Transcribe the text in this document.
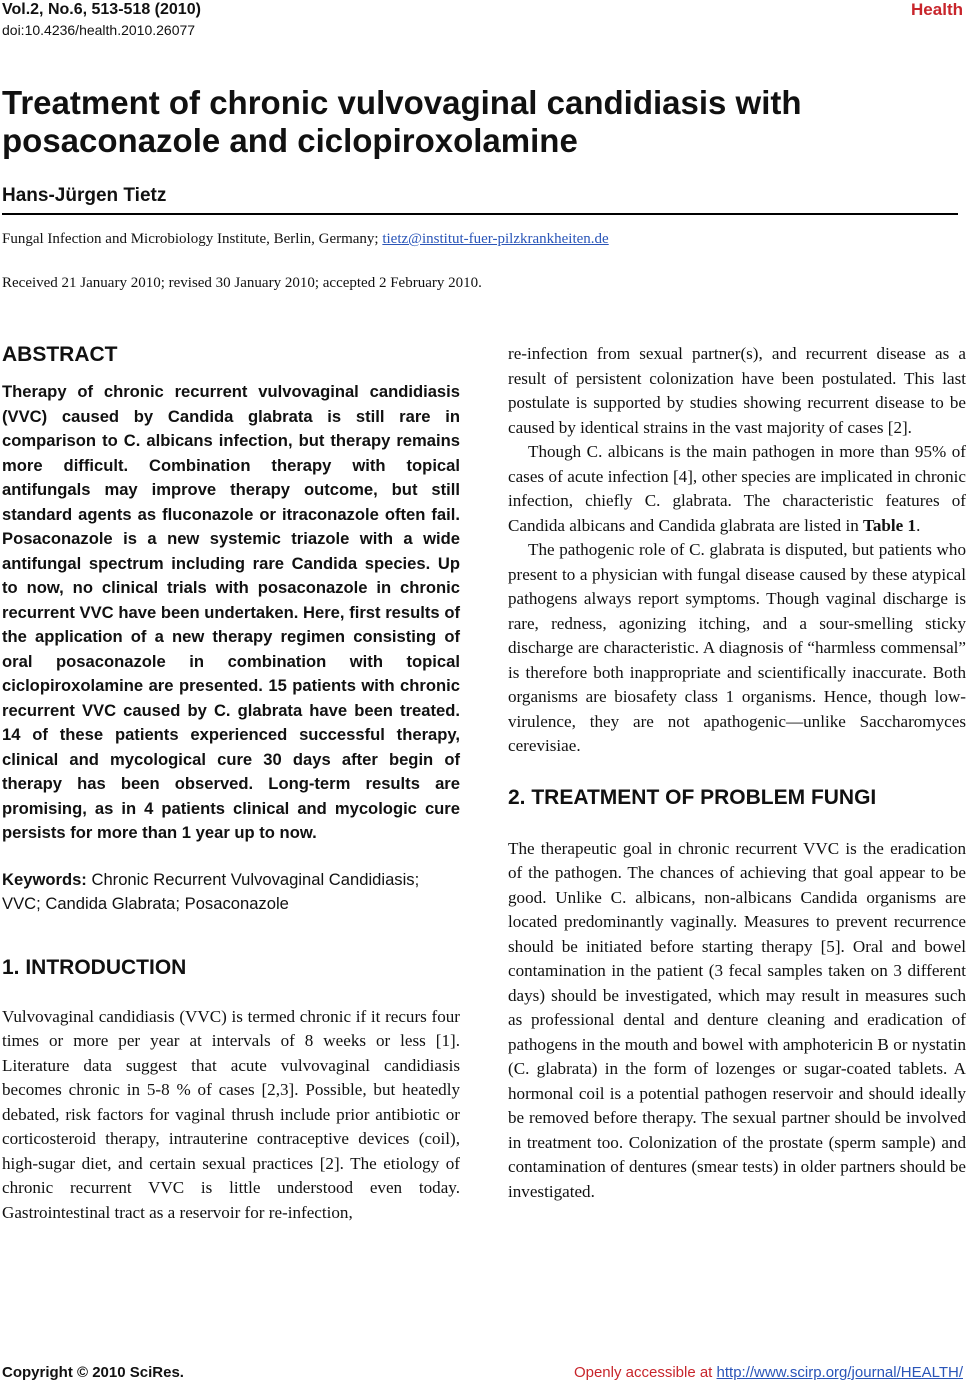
Vol.2, No.6, 513-518 (2010)
doi:10.4236/health.2010.26077
Health
Treatment of chronic vulvovaginal candidiasis with posaconazole and ciclopiroxolamine
Hans-Jürgen Tietz
Fungal Infection and Microbiology Institute, Berlin, Germany; tietz@institut-fuer-pilzkrankheiten.de
Received 21 January 2010; revised 30 January 2010; accepted 2 February 2010.
ABSTRACT

Therapy of chronic recurrent vulvovaginal candidiasis (VVC) caused by Candida glabrata is still rare in comparison to C. albicans infection, but therapy remains more difficult. Combination therapy with topical antifungals may improve therapy outcome, but still standard agents as fluconazole or itraconazole often fail. Posaconazole is a new systemic triazole with a wide antifungal spectrum including rare Candida species. Up to now, no clinical trials with posaconazole in chronic recurrent VVC have been undertaken. Here, first results of the application of a new therapy regimen consisting of oral posaconazole in combination with topical ciclopiroxolamine are presented. 15 patients with chronic recurrent VVC caused by C. glabrata have been treated. 14 of these patients experienced successful therapy, clinical and mycological cure 30 days after begin of therapy has been observed. Long-term results are promising, as in 4 patients clinical and mycologic cure persists for more than 1 year up to now.

Keywords: Chronic Recurrent Vulvovaginal Candidiasis; VVC; Candida Glabrata; Posaconazole

1. INTRODUCTION

Vulvovaginal candidiasis (VVC) is termed chronic if it recurs four times or more per year at intervals of 8 weeks or less [1]. Literature data suggest that acute vulvovaginal candidiasis becomes chronic in 5-8 % of cases [2,3]. Possible, but heatedly debated, risk factors for vaginal thrush include prior antibiotic or corticosteroid therapy, intrauterine contraceptive devices (coil), high-sugar diet, and certain sexual practices [2]. The etiology of chronic recurrent VVC is little understood even today. Gastrointestinal tract as a reservoir for re-infection,

re-infection from sexual partner(s), and recurrent disease as a result of persistent colonization have been postulated. This last postulate is supported by studies showing recurrent disease to be caused by identical strains in the vast majority of cases [2].

Though C. albicans is the main pathogen in more than 95% of cases of acute infection [4], other species are implicated in chronic infection, chiefly C. glabrata. The characteristic features of Candida albicans and Candida glabrata are listed in Table 1.

The pathogenic role of C. glabrata is disputed, but patients who present to a physician with fungal disease caused by these atypical pathogens always report symptoms. Though vaginal discharge is rare, redness, agonizing itching, and a sour-smelling sticky discharge are characteristic. A diagnosis of “harmless commensal” is therefore both inappropriate and scientifically inaccurate. Both organisms are biosafety class 1 organisms. Hence, though low-virulence, they are not apathogenic—unlike Saccharomyces cerevisiae.

2. TREATMENT OF PROBLEM FUNGI

The therapeutic goal in chronic recurrent VVC is the eradication of the pathogen. The chances of achieving that goal appear to be good. Unlike C. albicans, non-albicans Candida organisms are located predominantly vaginally. Measures to prevent recurrence should be initiated before starting therapy [5]. Oral and bowel contamination in the patient (3 fecal samples taken on 3 different days) should be investigated, which may result in measures such as professional dental and denture cleaning and eradication of pathogens in the mouth and bowel with amphotericin B or nystatin (C. glabrata) in the form of lozenges or sugar-coated tablets. A hormonal coil is a potential pathogen reservoir and should ideally be removed before therapy. The sexual partner should be involved in treatment too. Colonization of the prostate (sperm sample) and contamination of dentures (smear tests) in older partners should be investigated.

Copyright © 2010 SciRes.	Openly accessible at http://www.scirp.org/journal/HEALTH/
